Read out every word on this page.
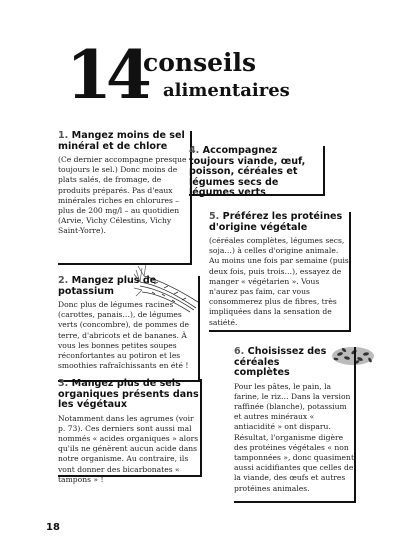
14
conseils
alimentaires
1. Mangez moins de sel minéral et de chlore

(Ce dernier accompagne presque toujours le sel.) Donc moins de plats salés, de fromage, de produits préparés. Pas d'eaux minérales riches en chlorures – plus de 200 mg/l – au quotidien (Arvie, Vichy Célestins, Vichy Saint-Yorre).

2. Mangez plus de potassium

Donc plus de légumes racines (carottes, panais…), de légumes verts (concombre), de pommes de terre, d'abricots et de bananes. À vous les bonnes petites soupes réconfortantes au potiron et les smoothies rafraîchissants en été !

3. Mangez plus de sels organiques présents dans les végétaux

Notamment dans les agrumes (voir p. 73). Ces derniers sont aussi mal nommés « acides organiques » alors qu'ils ne génèrent aucun acide dans notre organisme. Au contraire, ils vont donner des bicarbonates « tampons » !

4. Accompagnez toujours viande, œuf, poisson, céréales et légumes secs de légumes verts
5. Préférez les protéines d'origine végétale

(céréales complètes, légumes secs, soja…) à celles d'origine animale. Au moins une fois par semaine (puis deux fois, puis trois…), essayez de manger « végétarien ». Vous n'aurez pas faim, car vous consommerez plus de fibres, très impliquées dans la sensation de satiété.

6. Choisissez des céréales complètes

Pour les pâtes, le pain, la farine, le riz… Dans la version raffinée (blanche), potassium et autres minéraux « antiacidité » ont disparu. Résultat, l'organisme digère des protéines végétales « non tamponnées », donc quasiment aussi acidifiantes que celles de la viande, des œufs et autres protéines animales.

18
